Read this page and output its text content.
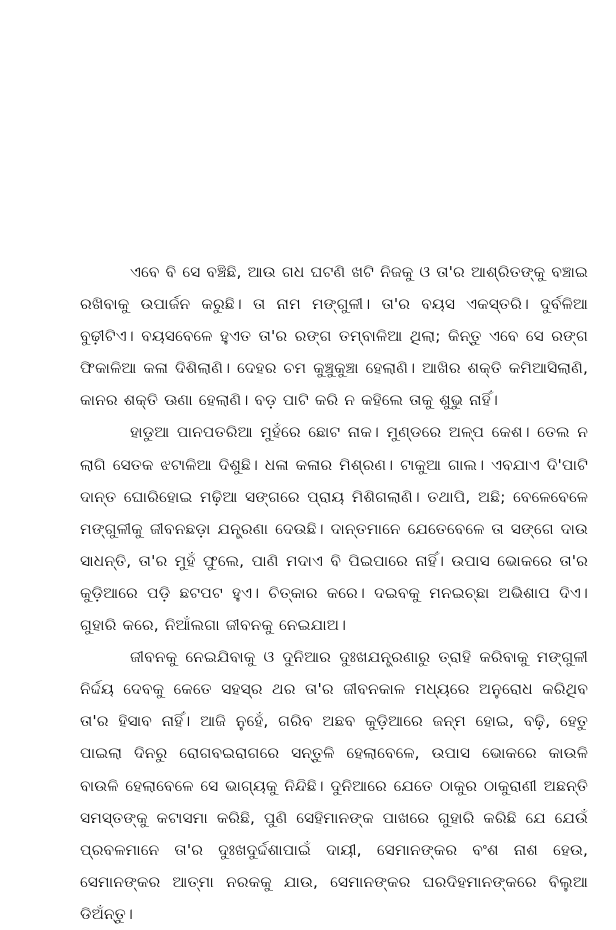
ଏବେ ବି ସେ ବଞ୍ଚିଛି, ଆଉ ଗଧ ଘଟଣି ଖଟି ନିଜକୁ ଓ ତା'ର ଆଶ୍ରିତଙ୍କୁ ବଞ୍ଚାଇ ରଖିବାକୁ ଉପାର୍ଜନ କରୁଛି। ତା ନାମ ମଙ୍ଗୁଳୀ। ତା'ର ବୟସ ଏକସ୍ତରି। ଦୁର୍ବଳିଆ ବୁଢ଼ୀଟିଏ। ବୟସବେଳେ ହୁଏତ ତା'ର ରଙ୍ଗ ତମ୍ବାଳିଆ ଥିଲା; କିନ୍ତୁ ଏବେ ସେ ରଙ୍ଗ ଫିକାଳିଆ କଳା ଦିଶିଲାଣି। ଦେହର ଚମ କୁଞ୍ଚୁକୁଞ୍ଚା ହେଲାଣି। ଆଖିର ଶକ୍ତି କମିଆସିଲାଣି, କାନର ଶକ୍ତି ଊଣା ହେଲାଣି। ବଡ଼ ପାଟି କରି ନ କହିଲେ ତାକୁ ଶୁଭୁ ନାହିଁ।

ହାଡୁଆ ପାନପତରିଆ ମୁହଁରେ ଛୋଟ ନାକ। ମୁଣ୍ଡରେ ଅଳ୍ପ କେଶ। ତେଲ ନ ଲାଗି ସେତକ ଝଟାଳିଆ ଦିଶୁଛି। ଧଳା କଳାର ମିଶ୍ରଣ। ଟାକୁଆ ଗାଲ। ଏବଯାଏ ଦି'ପାଟି ଦାନ୍ତ ଘୋରିହୋଇ ମଢ଼ିଆ ସଙ୍ଗରେ ପ୍ରାୟ ମିଶିଗଲାଣି। ତଥାପି, ଅଛି; ବେଳେବେଳେ ମଙ୍ଗୁଳୀକୁ ଜୀବନଛଡ଼ା ଯନ୍ତ୍ରଣା ଦେଉଛି। ଦାନ୍ତମାନେ ଯେତେବେଳେ ତା ସଙ୍ଗେ ଦାଉ ସାଧନ୍ତି, ତା'ର ମୁହଁ ଫୁଲେ, ପାଣି ମଦାଏ ବି ପିଇପାରେ ନାହିଁ। ଉପାସ ଭୋକରେ ତା'ର କୁଡ଼ିଆରେ ପଡ଼ି ଛଟପଟ ହୁଏ। ଚିତ୍କାର କରେ। ଦଇବକୁ ମନଇଚ୍ଛା ଅଭିଶାପ ଦିଏ। ଗୁହାରି କରେ, ନିଆଁଲଗା ଜୀବନକୁ ନେଇଯାଅ।

ଜୀବନକୁ ନେଇଯିବାକୁ ଓ ଦୁନିଆର ଦୁଃଖଯନ୍ତ୍ରଣାରୁ ତ୍ରାହି କରିବାକୁ ମଙ୍ଗୁଳୀ ନିର୍ଦ୍ଦୟ ଦେବକୁ କେତେ ସହସ୍ର ଥର ତା'ର ଜୀବନକାଳ ମଧ୍ୟରେ ଅନୁରୋଧ କରିଥିବ ତା'ର ହିସାବ ନାହିଁ। ଆଜି ନୁହେଁ, ଗରିବ ଅଛବ କୁଡ଼ିଆରେ ଜନ୍ମ ହୋଇ, ବଢ଼ି, ହେତୁ ପାଇଲା ଦିନରୁ ରୋଗବଇରାଗରେ ସନ୍ତୁଳି ହେଲାବେଳେ, ଉପାସ ଭୋକରେ କାଉଳି ବାଉଳି ହେଲାବେଳେ ସେ ଭାଗ୍ୟକୁ ନିନ୍ଦିଛି। ଦୁନିଆରେ ଯେତେ ଠାକୁର ଠାକୁରାଣୀ ଅଛନ୍ତି ସମସ୍ତଙ୍କୁ କଟାସମା କରିଛି, ପୁଣି ସେହିମାନଙ୍କ ପାଖରେ ଗୁହାରି କରିଛି ଯେ ଯେଉଁ ପ୍ରବଳମାନେ ତା'ର ଦୁଃଖଦୁର୍ଦ୍ଦଶାପାଇଁ ଦାୟୀ, ସେମାନଙ୍କର ବଂଶ ନାଶ ହେଉ, ସେମାନଙ୍କର ଆତ୍ମା ନରକକୁ ଯାଉ, ସେମାନଙ୍କର ଘରଦିହମାନଙ୍କରେ ବିଲୁଆ ଡିଅଁନ୍ତୁ।
